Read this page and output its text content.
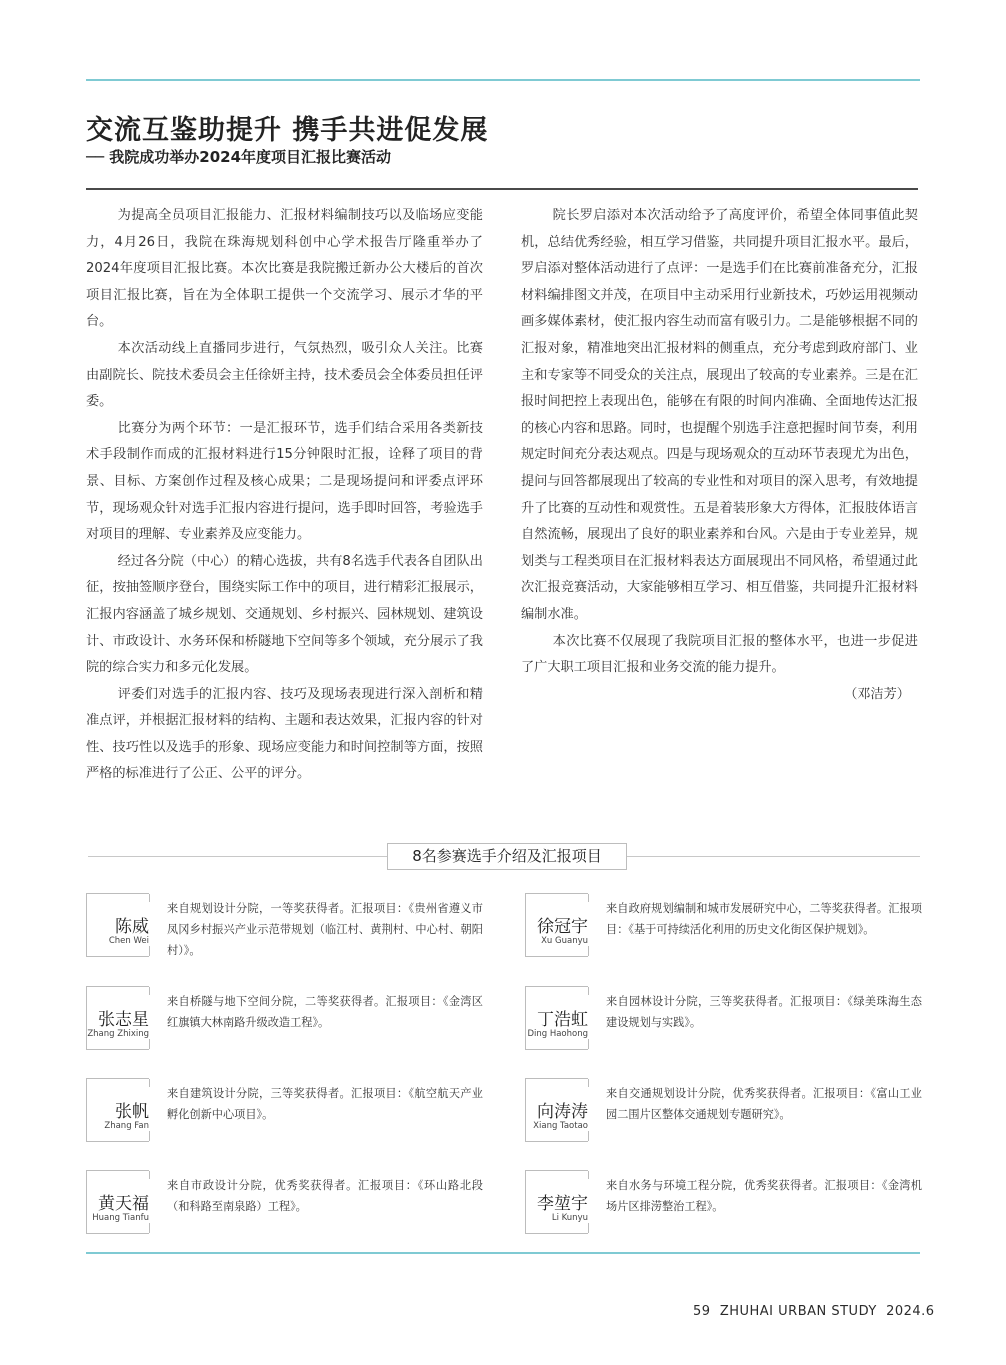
交流互鉴助提升 携手共进促发展
── 我院成功举办2024年度项目汇报比赛活动

为提高全员项目汇报能力、汇报材料编制技巧以及临场应变能力，4月26日，我院在珠海规划科创中心学术报告厅隆重举办了2024年度项目汇报比赛。本次比赛是我院搬迁新办公大楼后的首次项目汇报比赛，旨在为全体职工提供一个交流学习、展示才华的平台。

本次活动线上直播同步进行，气氛热烈，吸引众人关注。比赛由副院长、院技术委员会主任徐妍主持，技术委员会全体委员担任评委。

比赛分为两个环节：一是汇报环节，选手们结合采用各类新技术手段制作而成的汇报材料进行15分钟限时汇报，诠释了项目的背景、目标、方案创作过程及核心成果；二是现场提问和评委点评环节，现场观众针对选手汇报内容进行提问，选手即时回答，考验选手对项目的理解、专业素养及应变能力。

经过各分院（中心）的精心选拔，共有8名选手代表各自团队出征，按抽签顺序登台，围绕实际工作中的项目，进行精彩汇报展示，汇报内容涵盖了城乡规划、交通规划、乡村振兴、园林规划、建筑设计、市政设计、水务环保和桥隧地下空间等多个领域，充分展示了我院的综合实力和多元化发展。

评委们对选手的汇报内容、技巧及现场表现进行深入剖析和精准点评，并根据汇报材料的结构、主题和表达效果，汇报内容的针对性、技巧性以及选手的形象、现场应变能力和时间控制等方面，按照严格的标准进行了公正、公平的评分。

院长罗启添对本次活动给予了高度评价，希望全体同事值此契机，总结优秀经验，相互学习借鉴，共同提升项目汇报水平。最后，罗启添对整体活动进行了点评：一是选手们在比赛前准备充分，汇报材料编排图文并茂，在项目中主动采用行业新技术，巧妙运用视频动画多媒体素材，使汇报内容生动而富有吸引力。二是能够根据不同的汇报对象，精准地突出汇报材料的侧重点，充分考虑到政府部门、业主和专家等不同受众的关注点，展现出了较高的专业素养。三是在汇报时间把控上表现出色，能够在有限的时间内准确、全面地传达汇报的核心内容和思路。同时，也提醒个别选手注意把握时间节奏，利用规定时间充分表达观点。四是与现场观众的互动环节表现尤为出色，提问与回答都展现出了较高的专业性和对项目的深入思考，有效地提升了比赛的互动性和观赏性。五是着装形象大方得体，汇报肢体语言自然流畅，展现出了良好的职业素养和台风。六是由于专业差异，规划类与工程类项目在汇报材料表达方面展现出不同风格，希望通过此次汇报竞赛活动，大家能够相互学习、相互借鉴，共同提升汇报材料编制水准。

本次比赛不仅展现了我院项目汇报的整体水平，也进一步促进了广大职工项目汇报和业务交流的能力提升。

（邓洁芳）

8名参赛选手介绍及汇报项目
陈威
Chen Wei
来自规划设计分院，一等奖获得者。汇报项目：《贵州省遵义市凤冈乡村振兴产业示范带规划（临江村、黄荆村、中心村、朝阳村）》。
徐冠宇
Xu Guanyu
来自政府规划编制和城市发展研究中心，二等奖获得者。汇报项目：《基于可持续活化利用的历史文化街区保护规划》。
张志星
Zhang Zhixing
来自桥隧与地下空间分院，二等奖获得者。汇报项目：《金湾区红旗镇大林南路升级改造工程》。	丁浩虹
Ding Haohong
来自园林设计分院，三等奖获得者。汇报项目：《绿美珠海生态建设规划与实践》。
张帆
Zhang Fan
来自建筑设计分院，三等奖获得者。汇报项目：《航空航天产业孵化创新中心项目》。	向涛涛
Xiang Taotao
来自交通规划设计分院，优秀奖获得者。汇报项目：《富山工业园二围片区整体交通规划专题研究》。
黄天福
Huang Tianfu
来自市政设计分院，优秀奖获得者。汇报项目：《环山路北段（和科路至南泉路）工程》。	李堃宇
Li Kunyu
来自水务与环境工程分院，优秀奖获得者。汇报项目：《金湾机场片区排涝整治工程》。
59 ZHUHAI URBAN STUDY 2024.6
